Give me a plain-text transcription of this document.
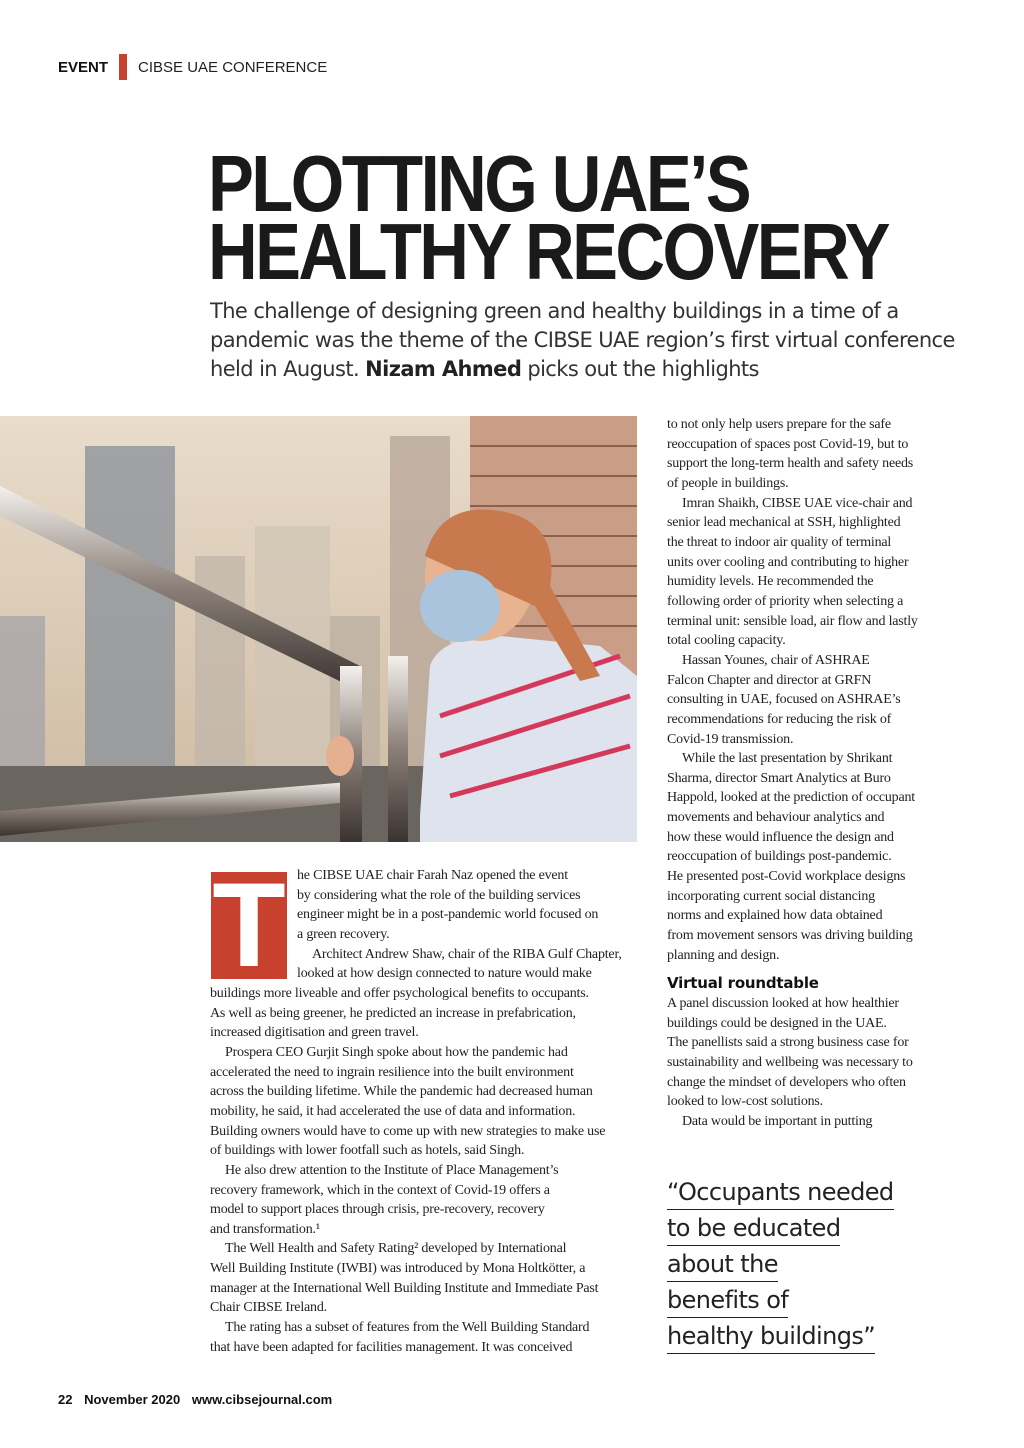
EVENT CIBSE UAE CONFERENCE
PLOTTING UAE’S
HEALTHY RECOVERY
The challenge of designing green and healthy buildings in a time of a
pandemic was the theme of the CIBSE UAE region’s first virtual conference
held in August. Nizam Ahmed picks out the highlights
T he CIBSE UAE chair Farah Naz opened the event
by considering what the role of the building services
engineer might be in a post-pandemic world focused on
a green recovery.
Architect Andrew Shaw, chair of the RIBA Gulf Chapter,
looked at how design connected to nature would make
buildings more liveable and offer psychological benefits to occupants.
As well as being greener, he predicted an increase in prefabrication,
increased digitisation and green travel.
Prospera CEO Gurjit Singh spoke about how the pandemic had
accelerated the need to ingrain resilience into the built environment
across the building lifetime. While the pandemic had decreased human
mobility, he said, it had accelerated the use of data and information.
Building owners would have to come up with new strategies to make use
of buildings with lower footfall such as hotels, said Singh.
He also drew attention to the Institute of Place Management’s
recovery framework, which in the context of Covid-19 offers a
model to support places through crisis, pre-recovery, recovery
and transformation.¹
The Well Health and Safety Rating² developed by International
Well Building Institute (IWBI) was introduced by Mona Holtkötter, a
manager at the International Well Building Institute and Immediate Past
Chair CIBSE Ireland.
The rating has a subset of features from the Well Building Standard
that have been adapted for facilities management. It was conceived
to not only help users prepare for the safe
reoccupation of spaces post Covid-19, but to
support the long-term health and safety needs
of people in buildings.
Imran Shaikh, CIBSE UAE vice-chair and
senior lead mechanical at SSH, highlighted
the threat to indoor air quality of terminal
units over cooling and contributing to higher
humidity levels. He recommended the
following order of priority when selecting a
terminal unit: sensible load, air flow and lastly
total cooling capacity.
Hassan Younes, chair of ASHRAE
Falcon Chapter and director at GRFN
consulting in UAE, focused on ASHRAE’s
recommendations for reducing the risk of
Covid-19 transmission.
While the last presentation by Shrikant
Sharma, director Smart Analytics at Buro
Happold, looked at the prediction of occupant
movements and behaviour analytics and
how these would influence the design and
reoccupation of buildings post-pandemic.
He presented post-Covid workplace designs
incorporating current social distancing
norms and explained how data obtained
from movement sensors was driving building
planning and design.
Virtual roundtable
A panel discussion looked at how healthier
buildings could be designed in the UAE.
The panellists said a strong business case for
sustainability and wellbeing was necessary to
change the mindset of developers who often
looked to low-cost solutions.
Data would be important in putting
“Occupants needed
to be educated
about the
benefits of
healthy buildings”
22 November 2020 www.cibsejournal.com
